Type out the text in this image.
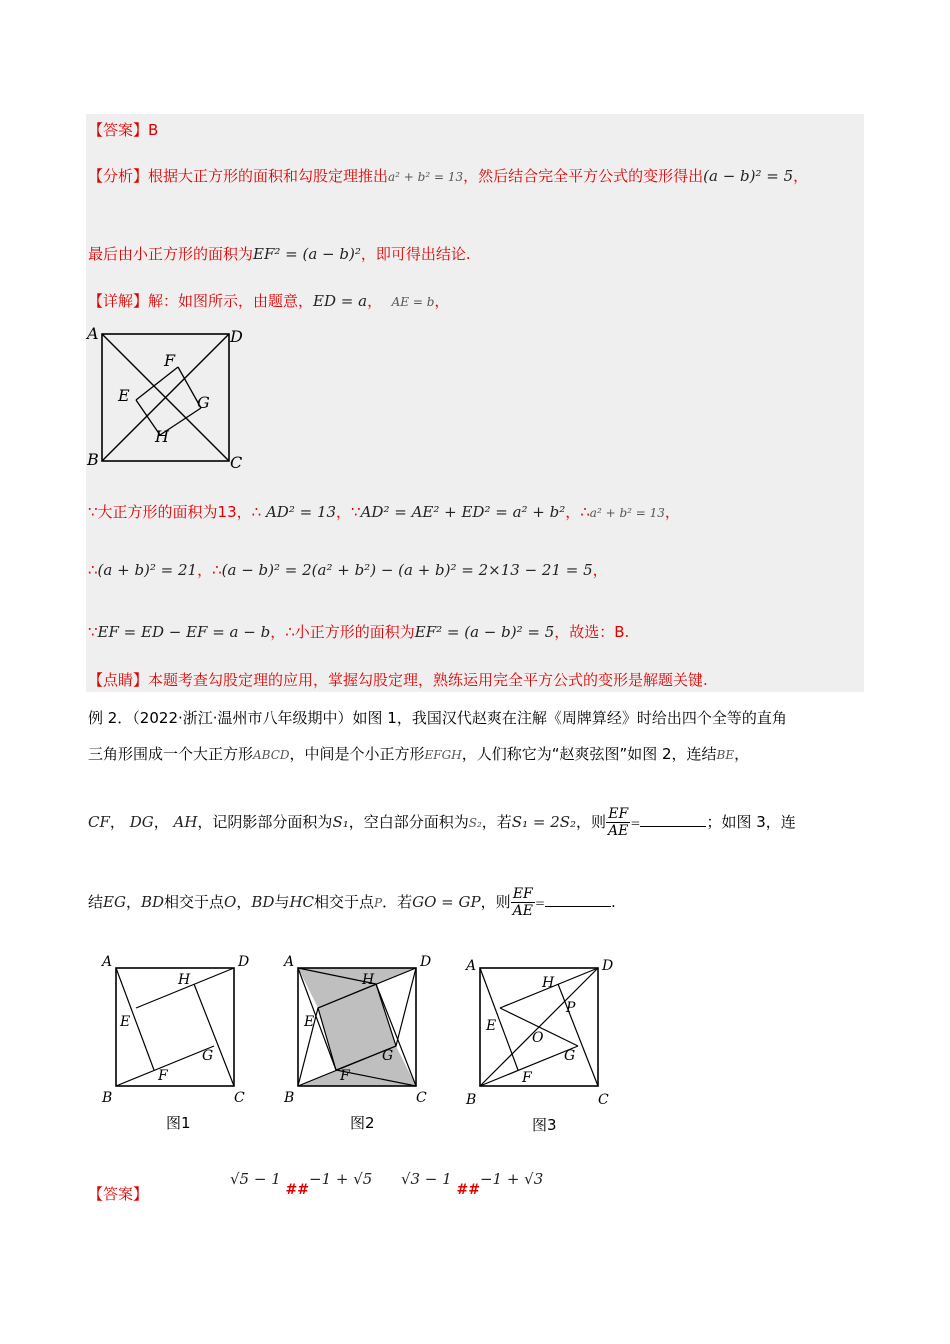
【答案】B
【分析】根据大正方形的面积和勾股定理推出a² + b² = 13，然后结合完全平方公式的变形得出(a − b)² = 5，
最后由小正方形的面积为EF² = (a − b)²，即可得出结论.
【详解】解：如图所示，由题意，ED = a， AE = b，
A	D
B	C
F
E	G
H
∵大正方形的面积为13，∴ AD² = 13，∵AD² = AE² + ED² = a² + b²，∴a² + b² = 13，
∴(a + b)² = 21，∴(a − b)² = 2(a² + b²) − (a + b)² = 2×13 − 21 = 5，
∵EF = ED − EF = a − b，∴小正方形的面积为EF² = (a − b)² = 5，故选：B.
【点睛】本题考查勾股定理的应用，掌握勾股定理，熟练运用完全平方公式的变形是解题关键.
例 2．（2022·浙江·温州市八年级期中）如图 1，我国汉代赵爽在注解《周牌算经》时给出四个全等的直角
三角形围成一个大正方形ABCD，中间是个小正方形EFGH，人们称它为“赵爽弦图”如图 2，连结BE，
CF， DG， AH，记阴影部分面积为S₁，空白部分面积为S₂，若S₁ = 2S₂，则 $\frac{EF}{AE}$ =	；如图 3，连
结EG，BD相交于点O，BD与HC相交于点P．若GO = GP，则 $\frac{EF}{AE}$ =	.
A	D
B	C
H
E
G
F
图1
A	D
B	C
H
E
G
F
图2
A	D
B	C
H
P
E
O
G
F
图3
【答案】
√5 − 1 ##−1 + √5 √3 − 1 ##−1 + √3
